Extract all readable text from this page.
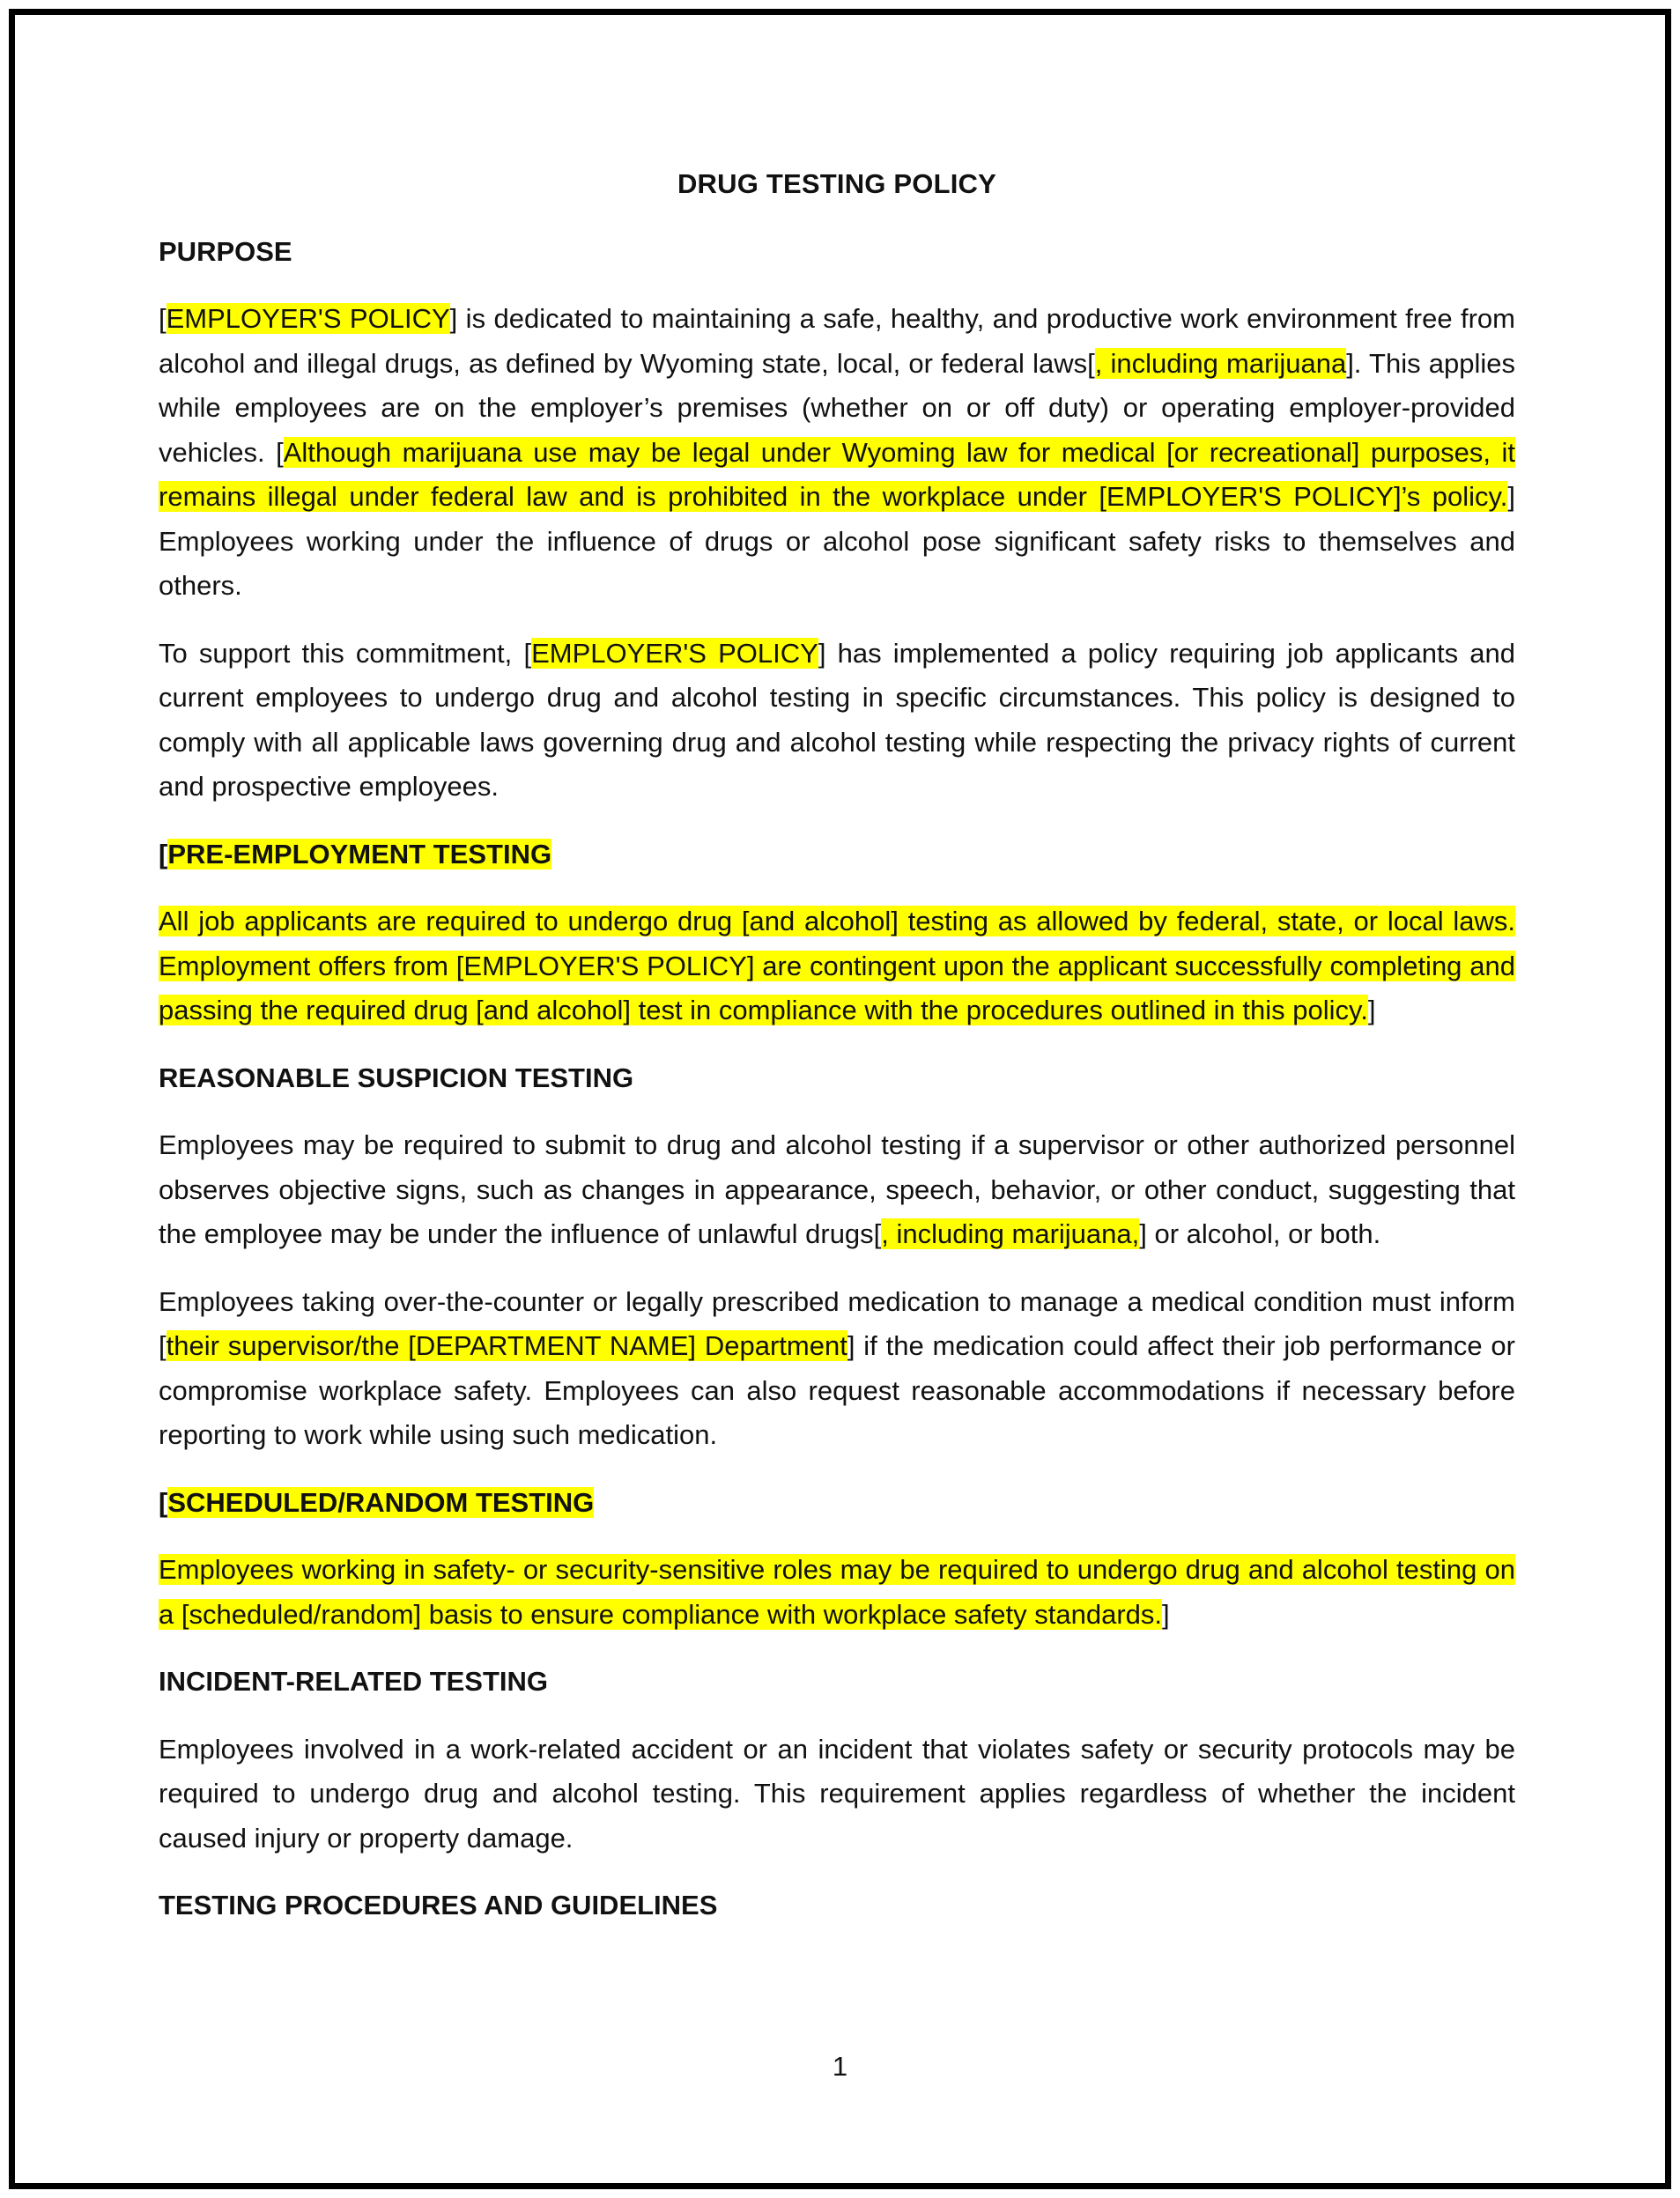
DRUG TESTING POLICY
PURPOSE
[EMPLOYER'S POLICY] is dedicated to maintaining a safe, healthy, and productive work environment free from alcohol and illegal drugs, as defined by Wyoming state, local, or federal laws[, including marijuana]. This applies while employees are on the employer’s premises (whether on or off duty) or operating employer-provided vehicles. [Although marijuana use may be legal under Wyoming law for medical [or recreational] purposes, it remains illegal under federal law and is prohibited in the workplace under [EMPLOYER'S POLICY]’s policy.] Employees working under the influence of drugs or alcohol pose significant safety risks to themselves and others.
To support this commitment, [EMPLOYER'S POLICY] has implemented a policy requiring job applicants and current employees to undergo drug and alcohol testing in specific circumstances. This policy is designed to comply with all applicable laws governing drug and alcohol testing while respecting the privacy rights of current and prospective employees.
[PRE-EMPLOYMENT TESTING
All job applicants are required to undergo drug [and alcohol] testing as allowed by federal, state, or local laws. Employment offers from [EMPLOYER'S POLICY] are contingent upon the applicant successfully completing and passing the required drug [and alcohol] test in compliance with the procedures outlined in this policy.]
REASONABLE SUSPICION TESTING
Employees may be required to submit to drug and alcohol testing if a supervisor or other authorized personnel observes objective signs, such as changes in appearance, speech, behavior, or other conduct, suggesting that the employee may be under the influence of unlawful drugs[, including marijuana,] or alcohol, or both.
Employees taking over-the-counter or legally prescribed medication to manage a medical condition must inform [their supervisor/the [DEPARTMENT NAME] Department] if the medication could affect their job performance or compromise workplace safety. Employees can also request reasonable accommodations if necessary before reporting to work while using such medication.
[SCHEDULED/RANDOM TESTING
Employees working in safety- or security-sensitive roles may be required to undergo drug and alcohol testing on a [scheduled/random] basis to ensure compliance with workplace safety standards.]
INCIDENT-RELATED TESTING
Employees involved in a work-related accident or an incident that violates safety or security protocols may be required to undergo drug and alcohol testing. This requirement applies regardless of whether the incident caused injury or property damage.
TESTING PROCEDURES AND GUIDELINES
1
